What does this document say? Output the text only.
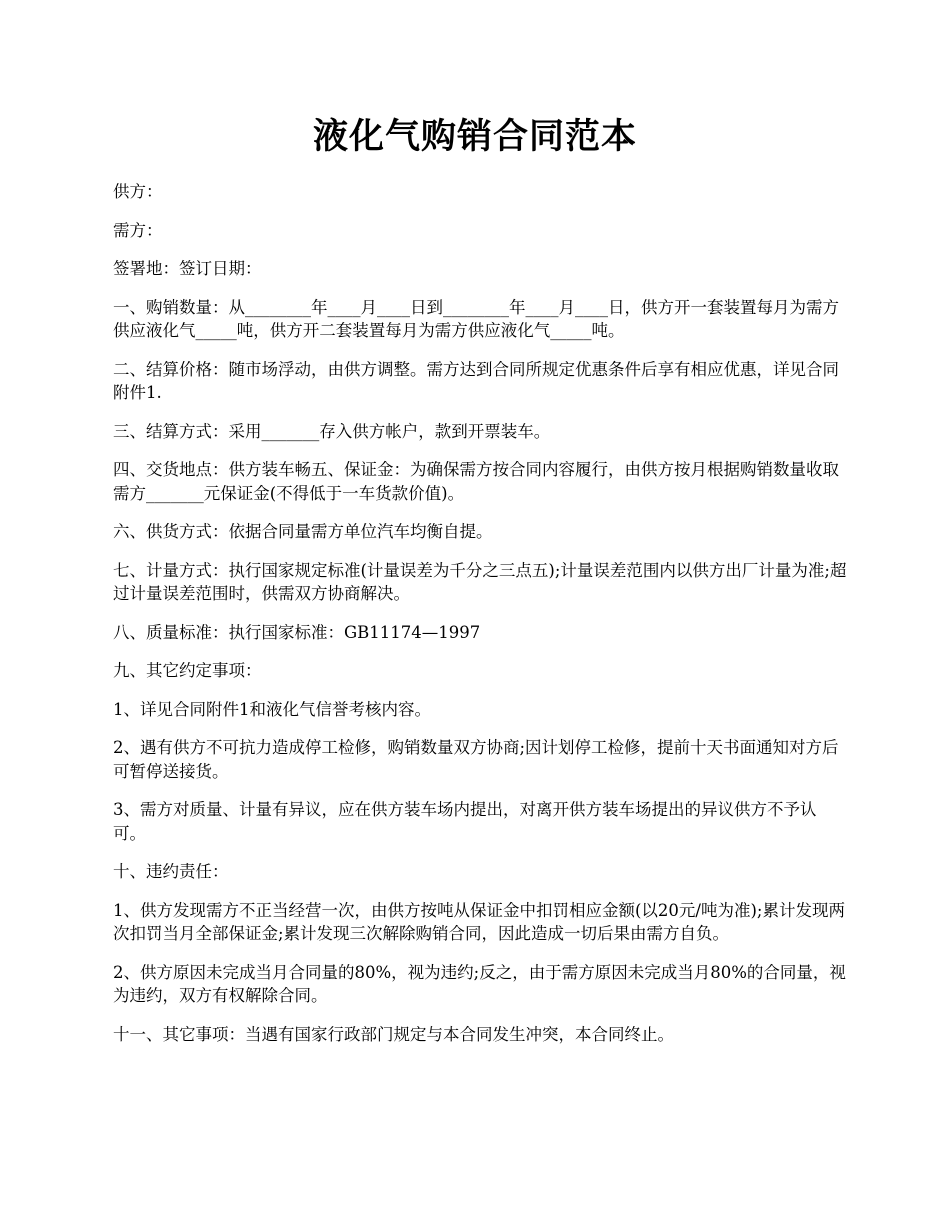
液化气购销合同范本

供方：

需方：

签署地：签订日期：

一、购销数量：从________年____月____日到________年____月____日，供方开一套装置每月为需方供应液化气_____吨，供方开二套装置每月为需方供应液化气_____吨。

二、结算价格：随市场浮动，由供方调整。需方达到合同所规定优惠条件后享有相应优惠，详见合同附件1.

三、结算方式：采用_______存入供方帐户，款到开票装车。

四、交货地点：供方装车畅五、保证金：为确保需方按合同内容履行，由供方按月根据购销数量收取需方_______元保证金(不得低于一车货款价值)。

六、供货方式：依据合同量需方单位汽车均衡自提。

七、计量方式：执行国家规定标准(计量误差为千分之三点五);计量误差范围内以供方出厂计量为准;超过计量误差范围时，供需双方协商解决。

八、质量标准：执行国家标准：GB11174—1997

九、其它约定事项：

1、详见合同附件1和液化气信誉考核内容。

2、遇有供方不可抗力造成停工检修，购销数量双方协商;因计划停工检修，提前十天书面通知对方后可暂停送接货。

3、需方对质量、计量有异议，应在供方装车场内提出，对离开供方装车场提出的异议供方不予认可。

十、违约责任：

1、供方发现需方不正当经营一次，由供方按吨从保证金中扣罚相应金额(以20元/吨为准);累计发现两次扣罚当月全部保证金;累计发现三次解除购销合同，因此造成一切后果由需方自负。

2、供方原因未完成当月合同量的80%，视为违约;反之，由于需方原因未完成当月80%的合同量，视为违约，双方有权解除合同。

十一、其它事项：当遇有国家行政部门规定与本合同发生冲突，本合同终止。
